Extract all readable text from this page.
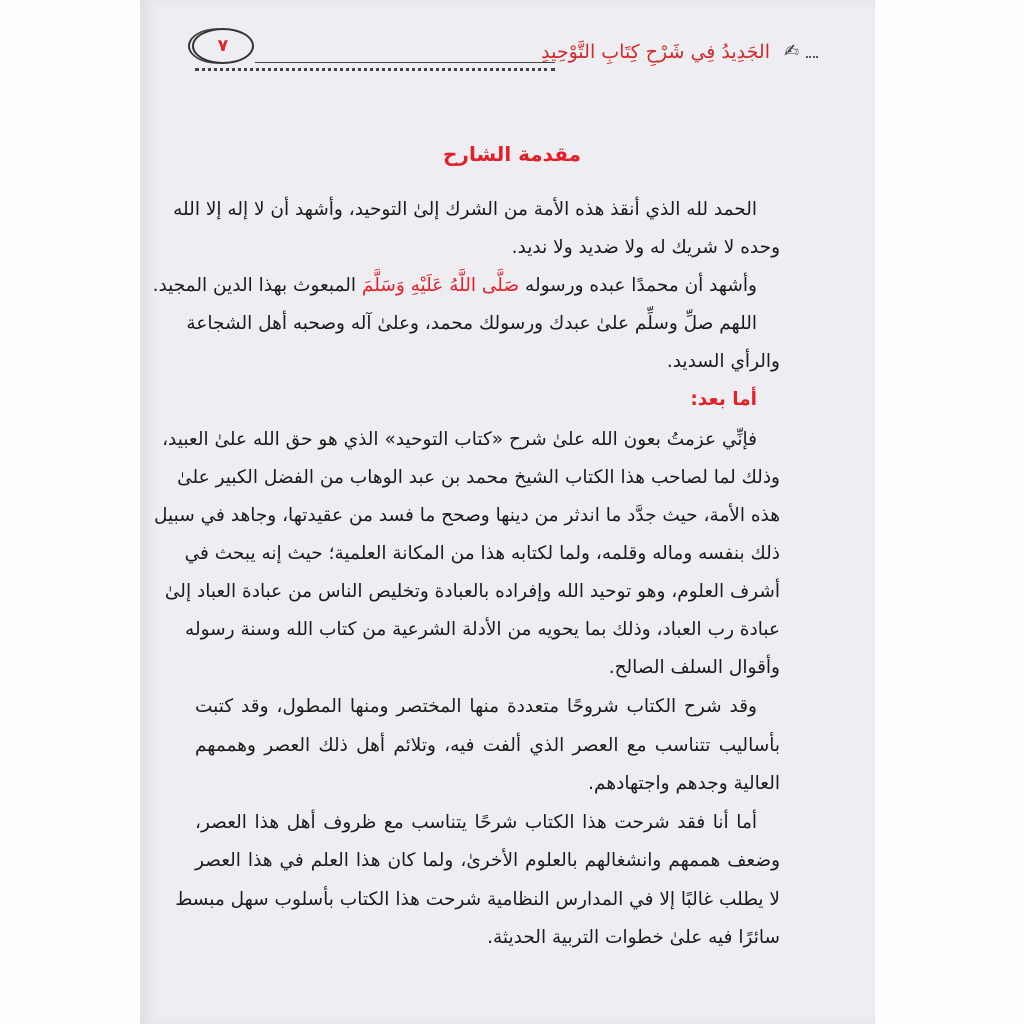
✍
الجَدِيدُ فِي شَرْحِ كِتَابِ التَّوْحِيدِ
٧
مقدمة الشارح
الحمد لله الذي أنقذ هذه الأمة من الشرك إلىٰ التوحيد، وأشهد أن لا إله إلا الله
وحده لا شريك له ولا ضديد ولا نديد.
وأشهد أن محمدًا عبده ورسوله صَلَّى اللَّهُ عَلَيْهِ وَسَلَّمَ المبعوث بهذا الدين المجيد.
اللهم صلِّ وسلِّم علىٰ عبدك ورسولك محمد، وعلىٰ آله وصحبه أهل الشجاعة
والرأي السديد.
أما بعد:
فإنِّي عزمتُ بعون الله علىٰ شرح «كتاب التوحيد» الذي هو حق الله علىٰ العبيد،
وذلك لما لصاحب هذا الكتاب الشيخ محمد بن عبد الوهاب من الفضل الكبير علىٰ
هذه الأمة، حيث جدَّد ما اندثر من دينها وصحح ما فسد من عقيدتها، وجاهد في سبيل
ذلك بنفسه وماله وقلمه، ولما لكتابه هذا من المكانة العلمية؛ حيث إنه يبحث في
أشرف العلوم، وهو توحيد الله وإفراده بالعبادة وتخليص الناس من عبادة العباد إلىٰ
عبادة رب العباد، وذلك بما يحويه من الأدلة الشرعية من كتاب الله وسنة رسوله
وأقوال السلف الصالح.
وقد شرح الكتاب شروحًا متعددة منها المختصر ومنها المطول، وقد كتبت
بأساليب تتناسب مع العصر الذي ألفت فيه، وتلائم أهل ذلك العصر وهممهم
العالية وجدهم واجتهادهم.
أما أنا فقد شرحت هذا الكتاب شرحًا يتناسب مع ظروف أهل هذا العصر،
وضعف هممهم وانشغالهم بالعلوم الأخرىٰ، ولما كان هذا العلم في هذا العصر
لا يطلب غالبًا إلا في المدارس النظامية شرحت هذا الكتاب بأسلوب سهل مبسط
سائرًا فيه علىٰ خطوات التربية الحديثة.
